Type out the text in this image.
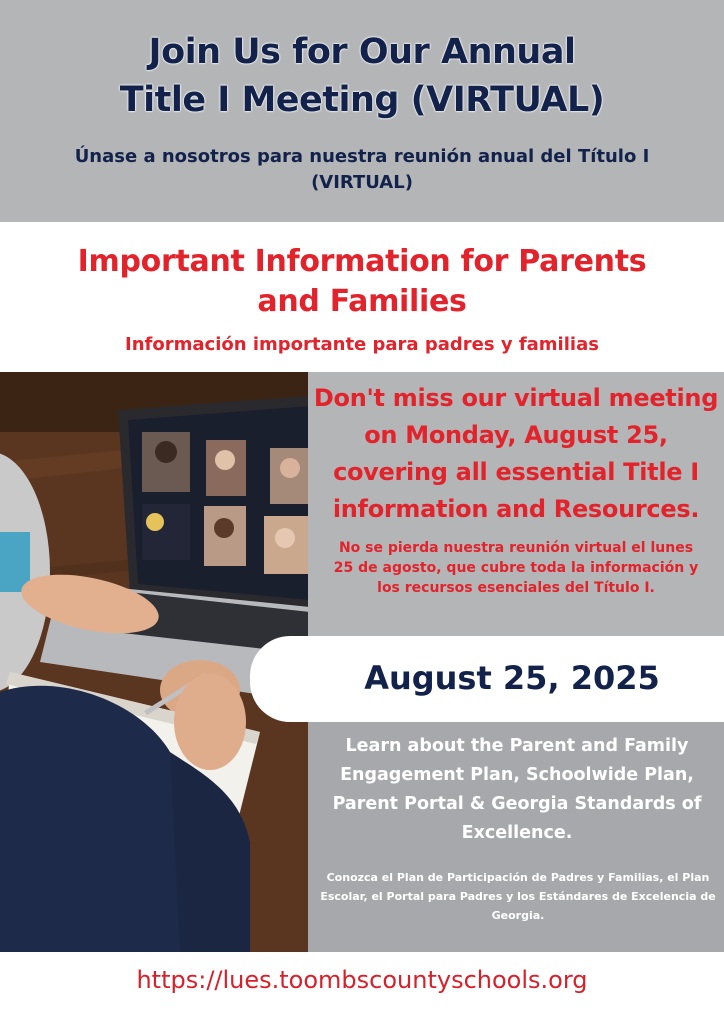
Join Us for Our Annual
Title I Meeting (VIRTUAL)
Únase a nosotros para nuestra reunión anual del Título I (VIRTUAL)
Important Information for Parents
and Families
Información importante para padres y familias
Don't miss our virtual meeting on Monday, August 25, covering all essential Title I information and Resources.
No se pierda nuestra reunión virtual el lunes 25 de agosto, que cubre toda la información y los recursos esenciales del Título I.
August 25, 2025
Learn about the Parent and Family Engagement Plan, Schoolwide Plan, Parent Portal & Georgia Standards of Excellence.
Conozca el Plan de Participación de Padres y Familias, el Plan Escolar, el Portal para Padres y los Estándares de Excelencia de Georgia.
https://lues.toombscountyschools.org
